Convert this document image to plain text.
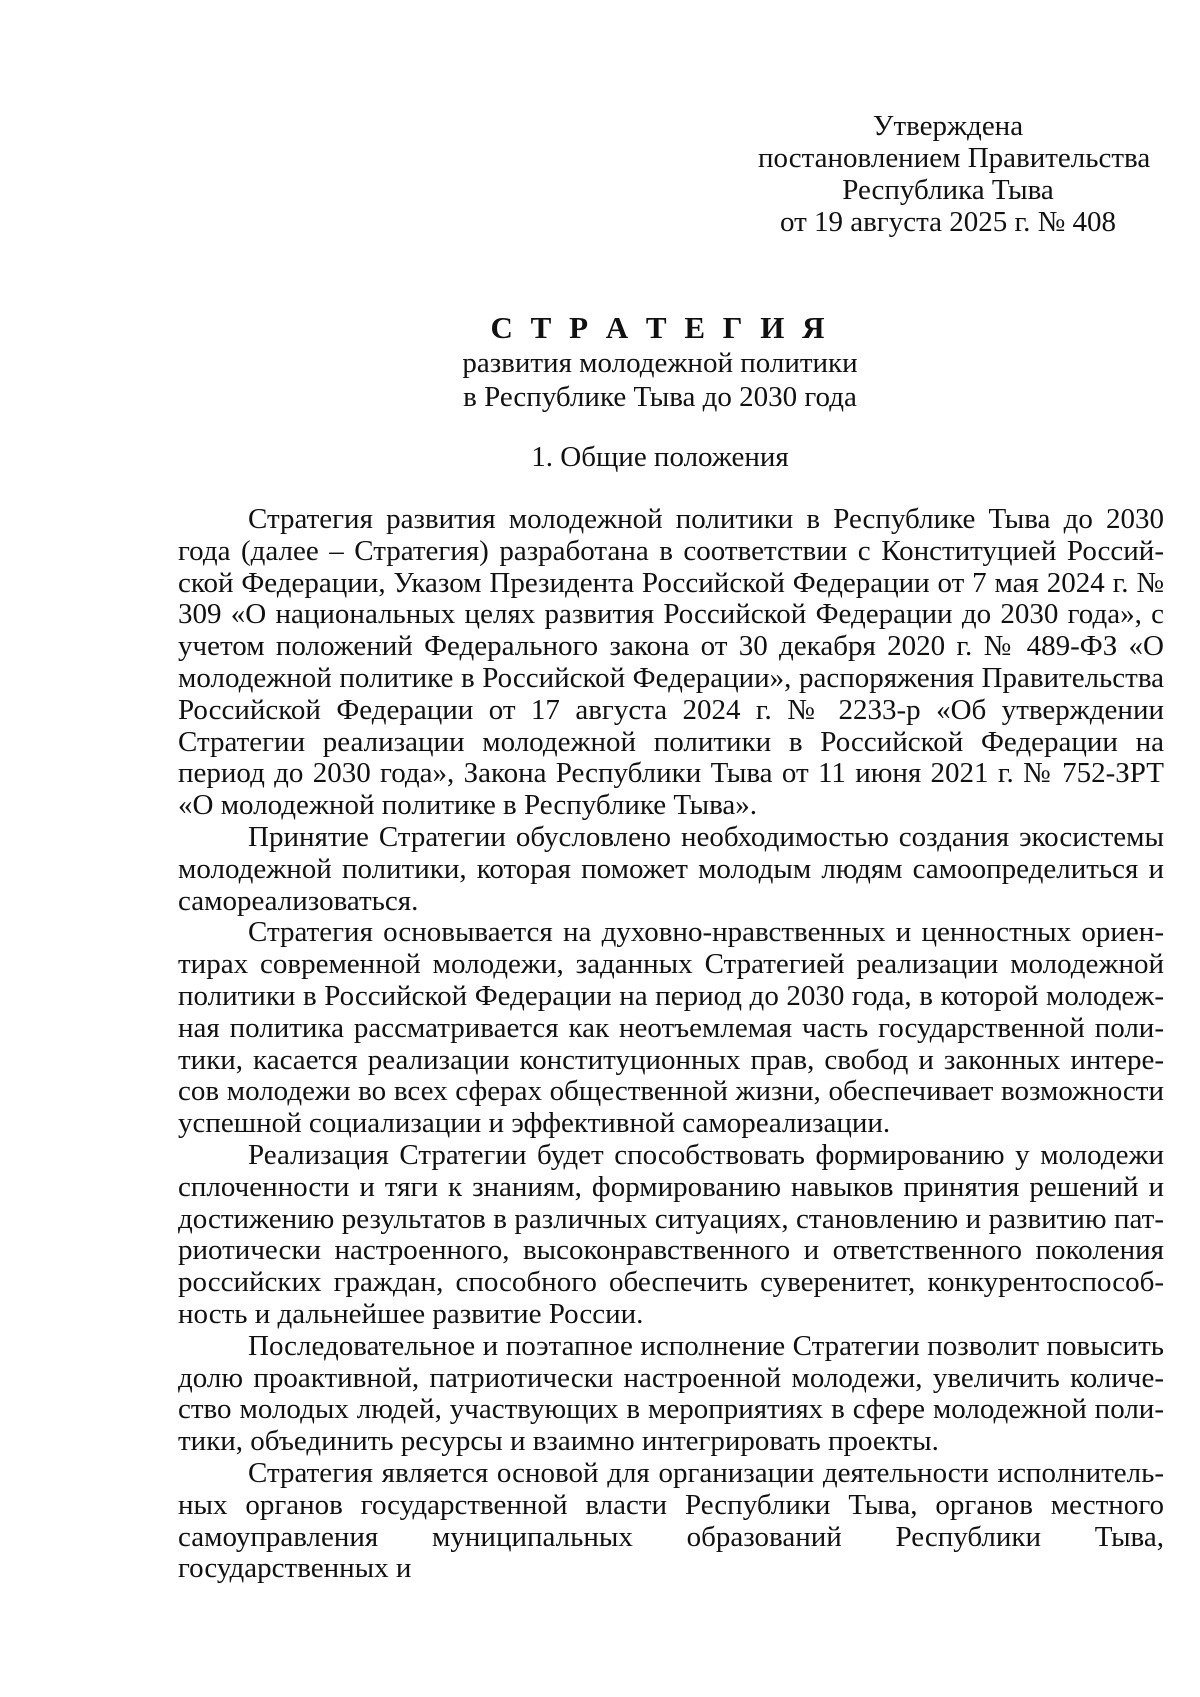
Утверждена
постановлением Правительства
Республика Тыва
от 19 августа 2025 г. № 408
С Т Р А Т Е Г И Я
развития молодежной политики
в Республике Тыва до 2030 года
1. Общие положения

Стратегия развития молодежной политики в Республике Тыва до 2030 года (далее – Стратегия) разработана в соответствии с Конституцией Российской Федерации, Указом Президента Российской Федерации от 7 мая 2024 г. № 309 «О национальных целях развития Российской Федерации до 2030 года», с учетом положений Федерального закона от 30 декабря 2020 г. № 489-ФЗ «О молодежной политике в Российской Федерации», распоряжения Правительства Российской Федерации от 17 августа 2024 г. № 2233-р «Об утверждении Стратегии реализации молодежной политики в Российской Федерации на период до 2030 года», Закона Республики Тыва от 11 июня 2021 г. № 752-ЗРТ «О молодежной политике в Республике Тыва».

Принятие Стратегии обусловлено необходимостью создания экосистемы молодежной политики, которая поможет молодым людям самоопределиться и самореализоваться.

Стратегия основывается на духовно-нравственных и ценностных ориентирах современной молодежи, заданных Стратегией реализации молодежной политики в Российской Федерации на период до 2030 года, в которой молодежная политика рассматривается как неотъемлемая часть государственной политики, касается реализации конституционных прав, свобод и законных интересов молодежи во всех сферах общественной жизни, обеспечивает возможности успешной социализации и эффективной самореализации.

Реализация Стратегии будет способствовать формированию у молодежи сплоченности и тяги к знаниям, формированию навыков принятия решений и достижению результатов в различных ситуациях, становлению и развитию патриотически настроенного, высоконравственного и ответственного поколения российских граждан, способного обеспечить суверенитет, конкурентоспособность и дальнейшее развитие России.

Последовательное и поэтапное исполнение Стратегии позволит повысить долю проактивной, патриотически настроенной молодежи, увеличить количество молодых людей, участвующих в мероприятиях в сфере молодежной политики, объединить ресурсы и взаимно интегрировать проекты.

Стратегия является основой для организации деятельности исполнительных органов государственной власти Республики Тыва, органов местного самоуправления муниципальных образований Республики Тыва, государственных и
